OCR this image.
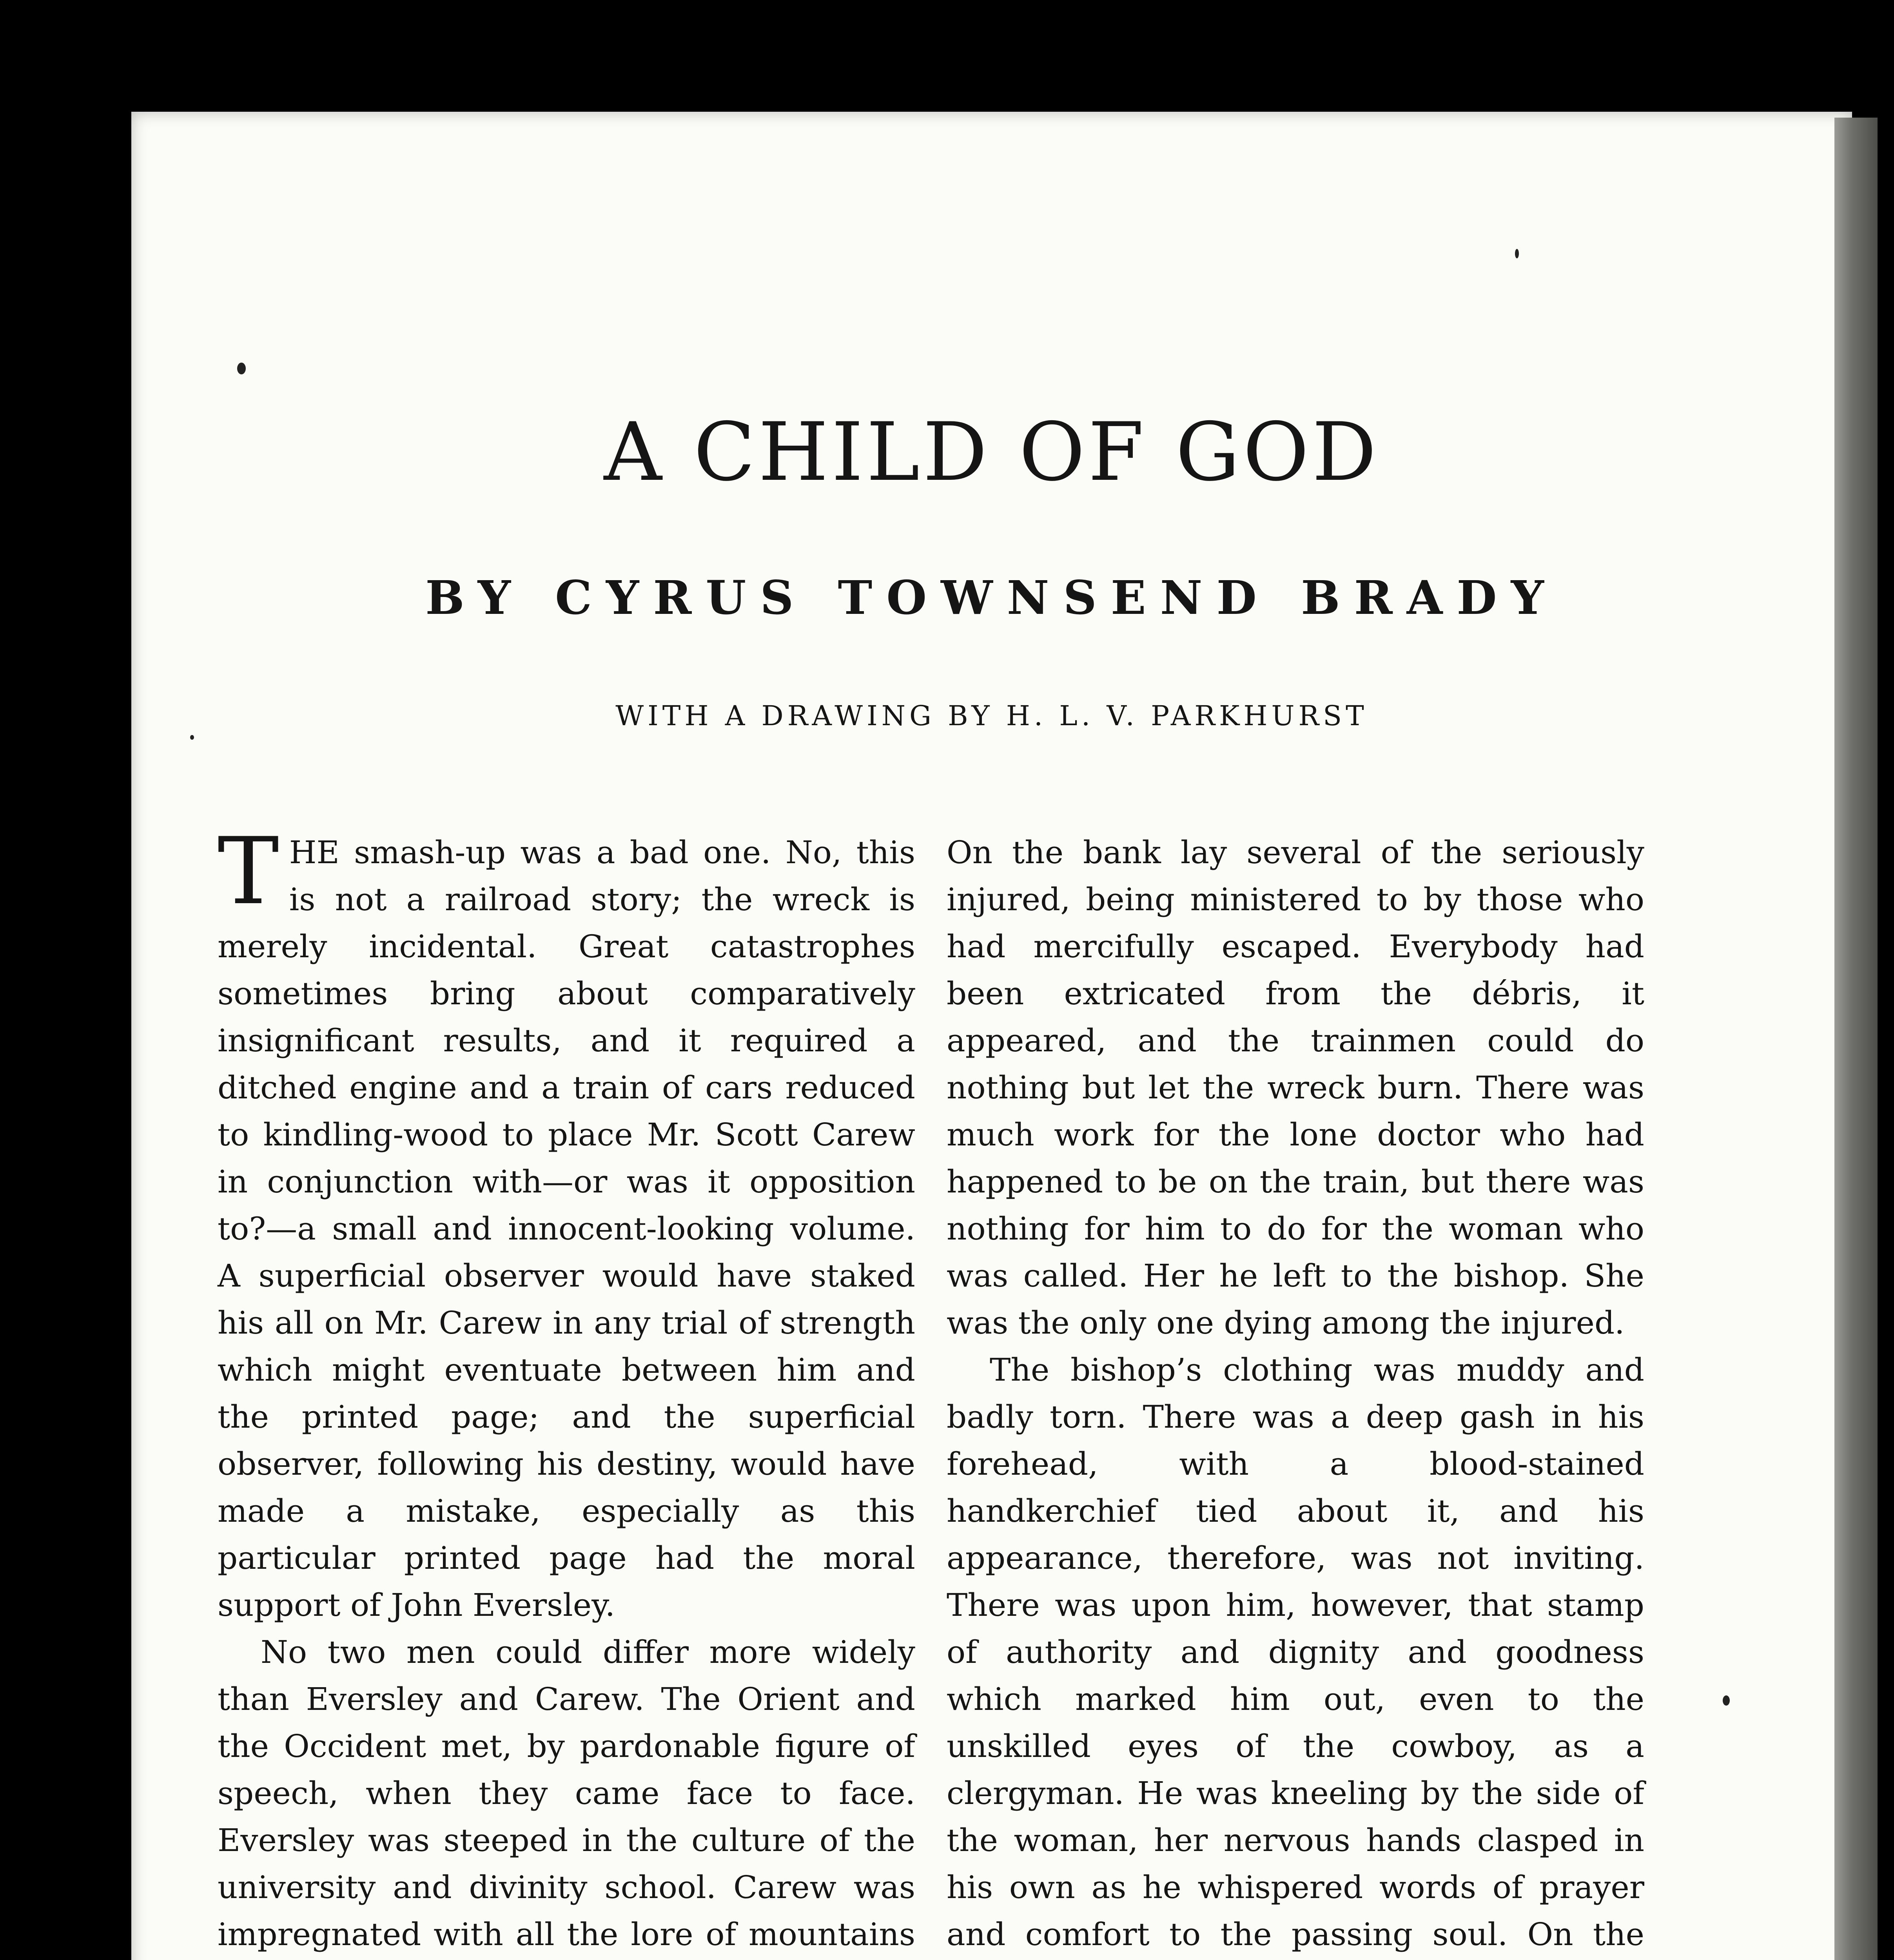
A CHILD OF GOD
BY CYRUS TOWNSEND BRADY
WITH A DRAWING BY H. L. V. PARKHURST

THE smash-up was a bad one. No, this is not a railroad story; the wreck is merely incidental. Great catastrophes sometimes bring about comparatively insignificant results, and it required a ditched engine and a train of cars reduced to kindling-wood to place Mr. Scott Carew in conjunction with—or was it opposition to?—a small and innocent-looking volume. A superficial observer would have staked his all on Mr. Carew in any trial of strength which might eventuate between him and the printed page; and the superficial observer, following his destiny, would have made a mistake, especially as this particular printed page had the moral support of John Eversley.

No two men could differ more widely than Eversley and Carew. The Orient and the Occident met, by pardonable figure of speech, when they came face to face. Eversley was steeped in the culture of the university and divinity school. Carew was impregnated with all the lore of mountains

On the bank lay several of the seriously injured, being ministered to by those who had mercifully escaped. Everybody had been extricated from the débris, it appeared, and the trainmen could do nothing but let the wreck burn. There was much work for the lone doctor who had happened to be on the train, but there was nothing for him to do for the woman who was called. Her he left to the bishop. She was the only one dying among the injured.

The bishop’s clothing was muddy and badly torn. There was a deep gash in his forehead, with a blood-stained handkerchief tied about it, and his appearance, therefore, was not inviting. There was upon him, however, that stamp of authority and dignity and goodness which marked him out, even to the unskilled eyes of the cowboy, as a clergyman. He was kneeling by the side of the woman, her nervous hands clasped in his own as he whispered words of prayer and comfort to the passing soul. On the
